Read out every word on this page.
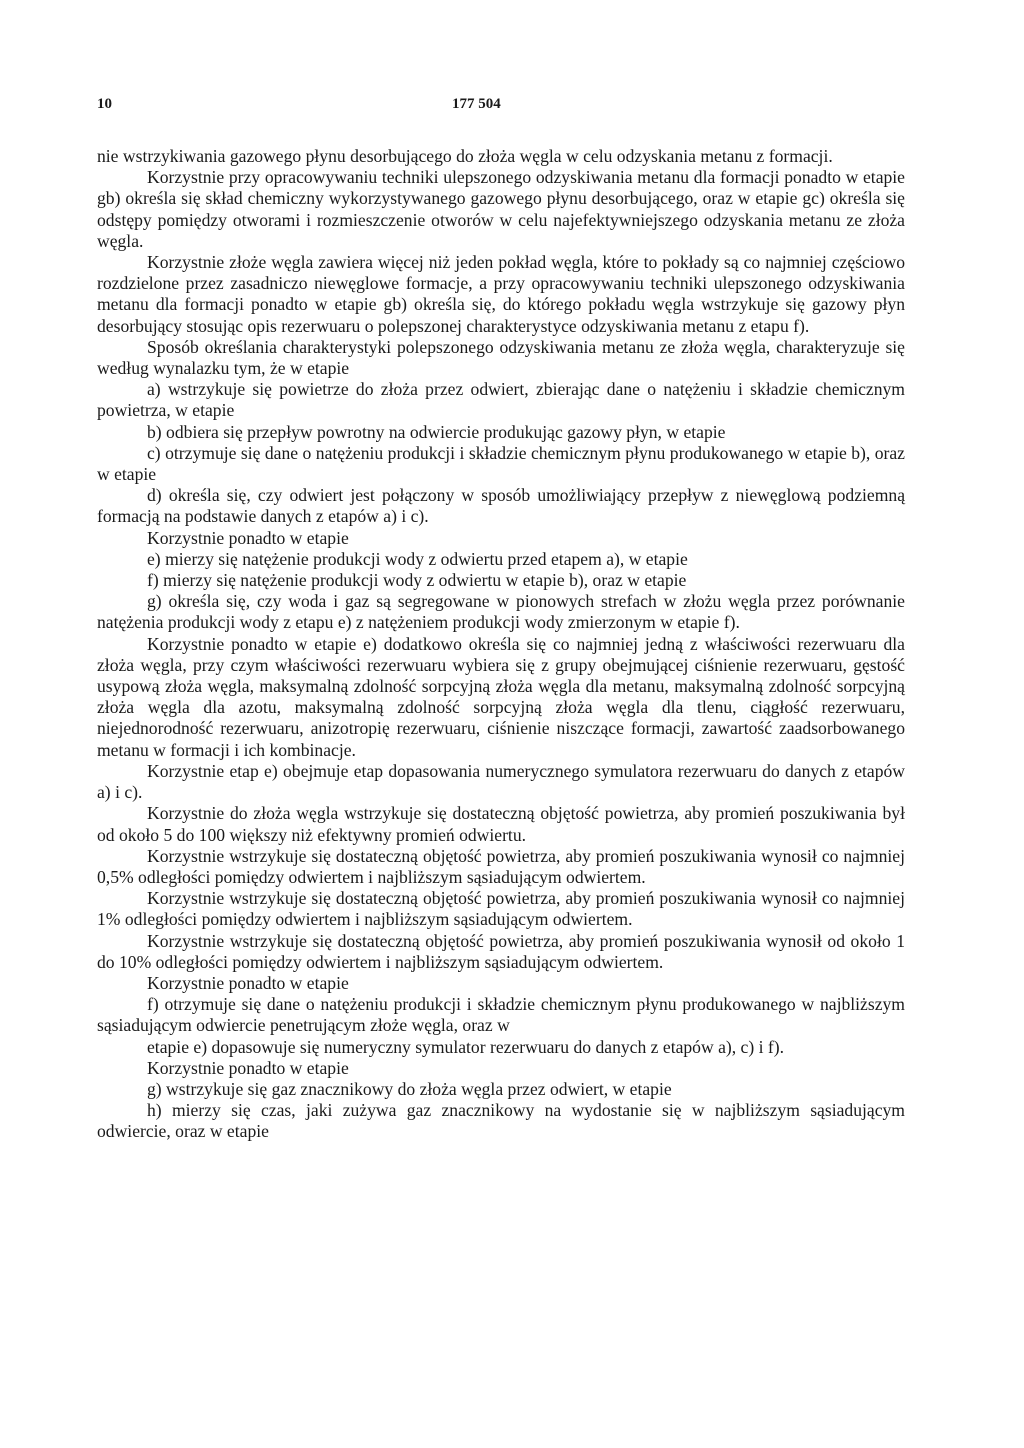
10	177 504

nie wstrzykiwania gazowego płynu desorbującego do złoża węgla w celu odzyskania metanu z formacji.

Korzystnie przy opracowywaniu techniki ulepszonego odzyskiwania metanu dla formacji ponadto w etapie gb) określa się skład chemiczny wykorzystywanego gazowego płynu desorbującego, oraz w etapie gc) określa się odstępy pomiędzy otworami i rozmieszczenie otworów w celu najefektywniejszego odzyskania metanu ze złoża węgla.

Korzystnie złoże węgla zawiera więcej niż jeden pokład węgla, które to pokłady są co najmniej częściowo rozdzielone przez zasadniczo niewęglowe formacje, a przy opracowywaniu techniki ulepszonego odzyskiwania metanu dla formacji ponadto w etapie gb) określa się, do którego pokładu węgla wstrzykuje się gazowy płyn desorbujący stosując opis rezerwuaru o polepszonej charakterystyce odzyskiwania metanu z etapu f).

Sposób określania charakterystyki polepszonego odzyskiwania metanu ze złoża węgla, charakteryzuje się według wynalazku tym, że w etapie

a) wstrzykuje się powietrze do złoża przez odwiert, zbierając dane o natężeniu i składzie chemicznym powietrza, w etapie

b) odbiera się przepływ powrotny na odwiercie produkując gazowy płyn, w etapie

c) otrzymuje się dane o natężeniu produkcji i składzie chemicznym płynu produkowanego w etapie b), oraz w etapie

d) określa się, czy odwiert jest połączony w sposób umożliwiający przepływ z niewęglową podziemną formacją na podstawie danych z etapów a) i c).

Korzystnie ponadto w etapie

e) mierzy się natężenie produkcji wody z odwiertu przed etapem a), w etapie

f) mierzy się natężenie produkcji wody z odwiertu w etapie b), oraz w etapie

g) określa się, czy woda i gaz są segregowane w pionowych strefach w złożu węgla przez porównanie natężenia produkcji wody z etapu e) z natężeniem produkcji wody zmierzonym w etapie f).

Korzystnie ponadto w etapie e) dodatkowo określa się co najmniej jedną z właściwości rezerwuaru dla złoża węgla, przy czym właściwości rezerwuaru wybiera się z grupy obejmującej ciśnienie rezerwuaru, gęstość usypową złoża węgla, maksymalną zdolność sorpcyjną złoża węgla dla metanu, maksymalną zdolność sorpcyjną złoża węgla dla azotu, maksymalną zdolność sorpcyjną złoża węgla dla tlenu, ciągłość rezerwuaru, niejednorodność rezerwuaru, anizotropię rezerwuaru, ciśnienie niszczące formacji, zawartość zaadsorbowanego metanu w formacji i ich kombinacje.

Korzystnie etap e) obejmuje etap dopasowania numerycznego symulatora rezerwuaru do danych z etapów a) i c).

Korzystnie do złoża węgla wstrzykuje się dostateczną objętość powietrza, aby promień poszukiwania był od około 5 do 100 większy niż efektywny promień odwiertu.

Korzystnie wstrzykuje się dostateczną objętość powietrza, aby promień poszukiwania wynosił co najmniej 0,5% odległości pomiędzy odwiertem i najbliższym sąsiadującym odwiertem.

Korzystnie wstrzykuje się dostateczną objętość powietrza, aby promień poszukiwania wynosił co najmniej 1% odległości pomiędzy odwiertem i najbliższym sąsiadującym odwiertem.

Korzystnie wstrzykuje się dostateczną objętość powietrza, aby promień poszukiwania wynosił od około 1 do 10% odległości pomiędzy odwiertem i najbliższym sąsiadującym odwiertem.

Korzystnie ponadto w etapie

f) otrzymuje się dane o natężeniu produkcji i składzie chemicznym płynu produkowanego w najbliższym sąsiadującym odwiercie penetrującym złoże węgla, oraz w

etapie e) dopasowuje się numeryczny symulator rezerwuaru do danych z etapów a), c) i f).

Korzystnie ponadto w etapie

g) wstrzykuje się gaz znacznikowy do złoża węgla przez odwiert, w etapie

h) mierzy się czas, jaki zużywa gaz znacznikowy na wydostanie się w najbliższym sąsiadującym odwiercie, oraz w etapie
